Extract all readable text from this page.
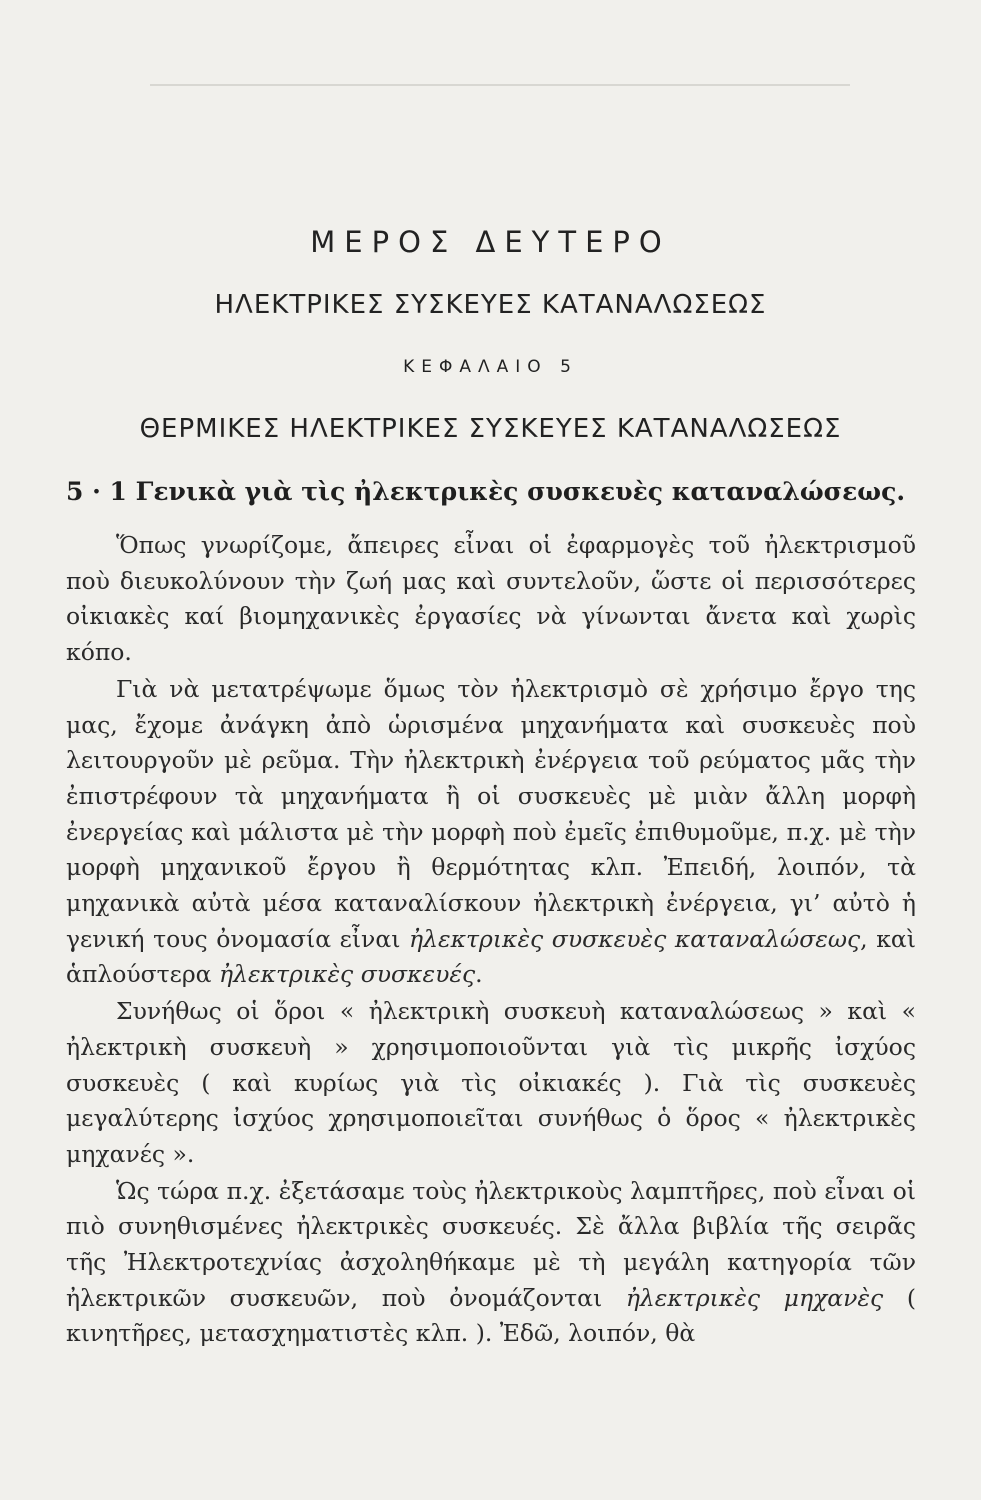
ΜΕΡΟΣ ΔΕΥΤΕΡΟ
ΗΛΕΚΤΡΙΚΕΣ ΣΥΣΚΕΥΕΣ ΚΑΤΑΝΑΛΩΣΕΩΣ
ΚΕΦΑΛΑΙΟ 5
ΘΕΡΜΙΚΕΣ ΗΛΕΚΤΡΙΚΕΣ ΣΥΣΚΕΥΕΣ ΚΑΤΑΝΑΛΩΣΕΩΣ
5 · 1 Γενικὰ γιὰ τὶς ἠλεκτρικὲς συσκευὲς καταναλώσεως.

Ὅπως γνωρίζομε, ἄπειρες εἶναι οἱ ἐφαρμογὲς τοῦ ἠλεκτρισμοῦ ποὺ διευκολύνουν τὴν ζωή μας καὶ συντελοῦν, ὥστε οἱ περισσότερες οἰκιακὲς καί βιομηχανικὲς ἐργασίες νὰ γίνωνται ἄνετα καὶ χωρὶς κόπο.

Γιὰ νὰ μετατρέψωμε ὅμως τὸν ἠλεκτρισμὸ σὲ χρήσιμο ἔργο της μας, ἔχομε ἀνάγκη ἀπὸ ὡρισμένα μηχανήματα καὶ συσκευὲς ποὺ λειτουργοῦν μὲ ρεῦμα. Τὴν ἠλεκτρικὴ ἐνέργεια τοῦ ρεύματος μᾶς τὴν ἐπιστρέφουν τὰ μηχανήματα ἢ οἱ συσκευὲς μὲ μιὰν ἄλλη μορφὴ ἐνεργείας καὶ μάλιστα μὲ τὴν μορφὴ ποὺ ἐμεῖς ἐπιθυμοῦμε, π.χ. μὲ τὴν μορφὴ μηχανικοῦ ἔργου ἢ θερμότητας κλπ. Ἐπειδή, λοιπόν, τὰ μηχανικὰ αὐτὰ μέσα καταναλίσκουν ἠλεκτρικὴ ἐνέργεια, γι’ αὐτὸ ἡ γενική τους ὀνομασία εἶναι ἠλεκτρικὲς συσκευὲς καταναλώσεως, καὶ ἁπλούστερα ἠλεκτρικὲς συσκευές.

Συνήθως οἱ ὅροι « ἠλεκτρικὴ συσκευὴ καταναλώσεως » καὶ « ἠλεκτρικὴ συσκευὴ » χρησιμοποιοῦνται γιὰ τὶς μικρῆς ἰσχύος συσκευὲς ( καὶ κυρίως γιὰ τὶς οἰκιακές ). Γιὰ τὶς συσκευὲς μεγαλύτερης ἰσχύος χρησιμοποιεῖται συνήθως ὁ ὅρος « ἠλεκτρικὲς μηχανές ».

Ὡς τώρα π.χ. ἐξετάσαμε τοὺς ἠλεκτρικοὺς λαμπτῆρες, ποὺ εἶναι οἱ πιὸ συνηθισμένες ἠλεκτρικὲς συσκευές. Σὲ ἄλλα βιβλία τῆς σειρᾶς τῆς Ἠλεκτροτεχνίας ἀσχοληθήκαμε μὲ τὴ μεγάλη κατηγορία τῶν ἠλεκτρικῶν συσκευῶν, ποὺ ὀνομάζονται ἠλεκτρικὲς μηχανὲς ( κινητῆρες, μετασχηματιστὲς κλπ. ). Ἐδῶ, λοιπόν, θὰ
